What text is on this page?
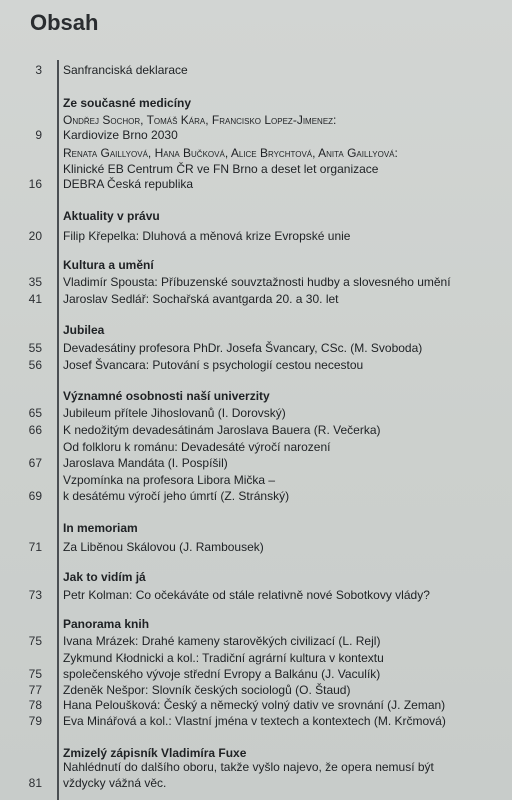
Obsah
Sanfranciská deklarace
3
Ze současné medicíny
Ondřej Sochor, Tomáš Kára, Francisko Lopez-Jimenez:
Kardiovize Brno 2030
9
Renata Gaillyová, Hana Bučková, Alice Brychtová, Anita Gaillyová:
Klinické EB Centrum ČR ve FN Brno a deset let organizace
DEBRA Česká republika
16
Aktuality v právu
Filip Křepelka: Dluhová a měnová krize Evropské unie
20
Kultura a umění
Vladimír Spousta: Příbuzenské souvztažnosti hudby a slovesného umění
35
Jaroslav Sedlář: Sochařská avantgarda 20. a 30. let
41
Jubilea
Devadesátiny profesora PhDr. Josefa Švancary, CSc. (M. Svoboda)
55
Josef Švancara: Putování s psychologií cestou necestou
56
Významné osobnosti naší univerzity
Jubileum přítele Jihoslovanů (I. Dorovský)
65
K nedožitým devadesátinám Jaroslava Bauera (R. Večerka)
66
Od folkloru k románu: Devadesáté výročí narození
Jaroslava Mandáta (I. Pospíšil)
67
Vzpomínka na profesora Libora Mička –
k desátému výročí jeho úmrtí (Z. Stránský)
69
In memoriam
Za Liběnou Skálovou (J. Rambousek)
71
Jak to vidím já
Petr Kolman: Co očekáváte od stále relativně nové Sobotkovy vlády?
73
Panorama knih
Ivana Mrázek: Drahé kameny starověkých civilizací (L. Rejl)
75
Zykmund Kłodnicki a kol.: Tradiční agrární kultura v kontextu
společenského vývoje střední Evropy a Balkánu (J. Vaculík)
75
Zdeněk Nešpor: Slovník českých sociologů (O. Štaud)
77
Hana Peloušková: Český a německý volný dativ ve srovnání (J. Zeman)
78
Eva Minářová a kol.: Vlastní jména v textech a kontextech (M. Krčmová)
79
Zmizelý zápisník Vladimíra Fuxe
Nahlédnutí do dalšího oboru, takže vyšlo najevo, že opera nemusí být
vždycky vážná věc.
81
